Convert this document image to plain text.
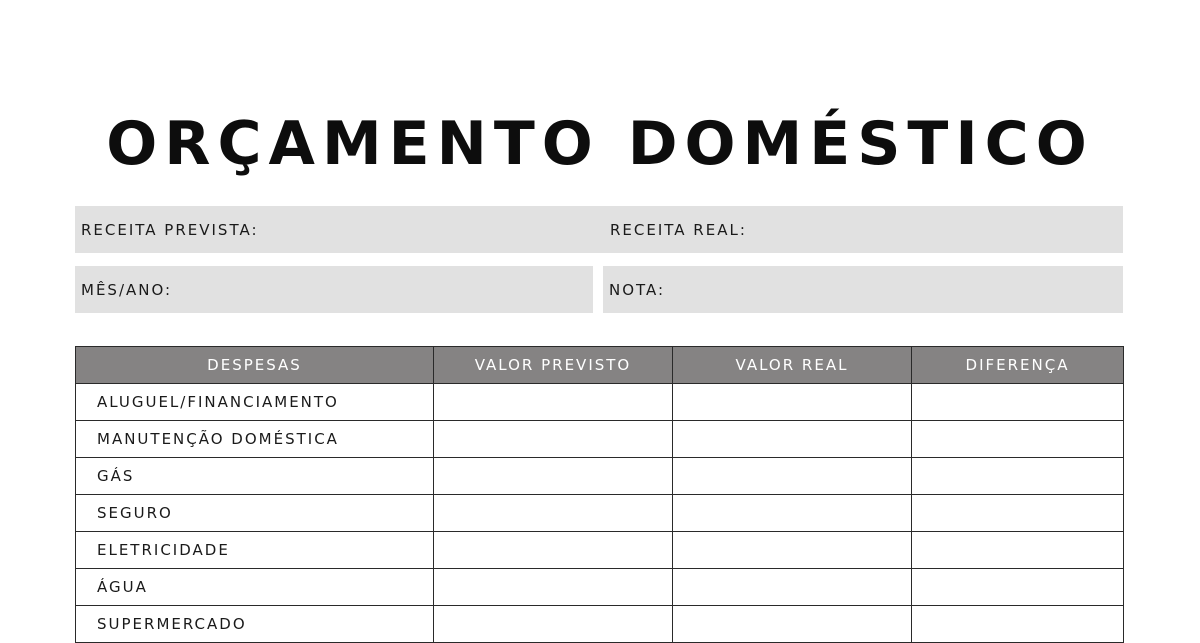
ORÇAMENTO DOMÉSTICO
RECEITA PREVISTA:	RECEITA REAL:
MÊS/ANO:	NOTA:
DESPESAS	VALOR PREVISTO	VALOR REAL	DIFERENÇA
ALUGUEL/FINANCIAMENTO			
MANUTENÇÃO DOMÉSTICA			
GÁS			
SEGURO			
ELETRICIDADE			
ÁGUA			
SUPERMERCADO			
